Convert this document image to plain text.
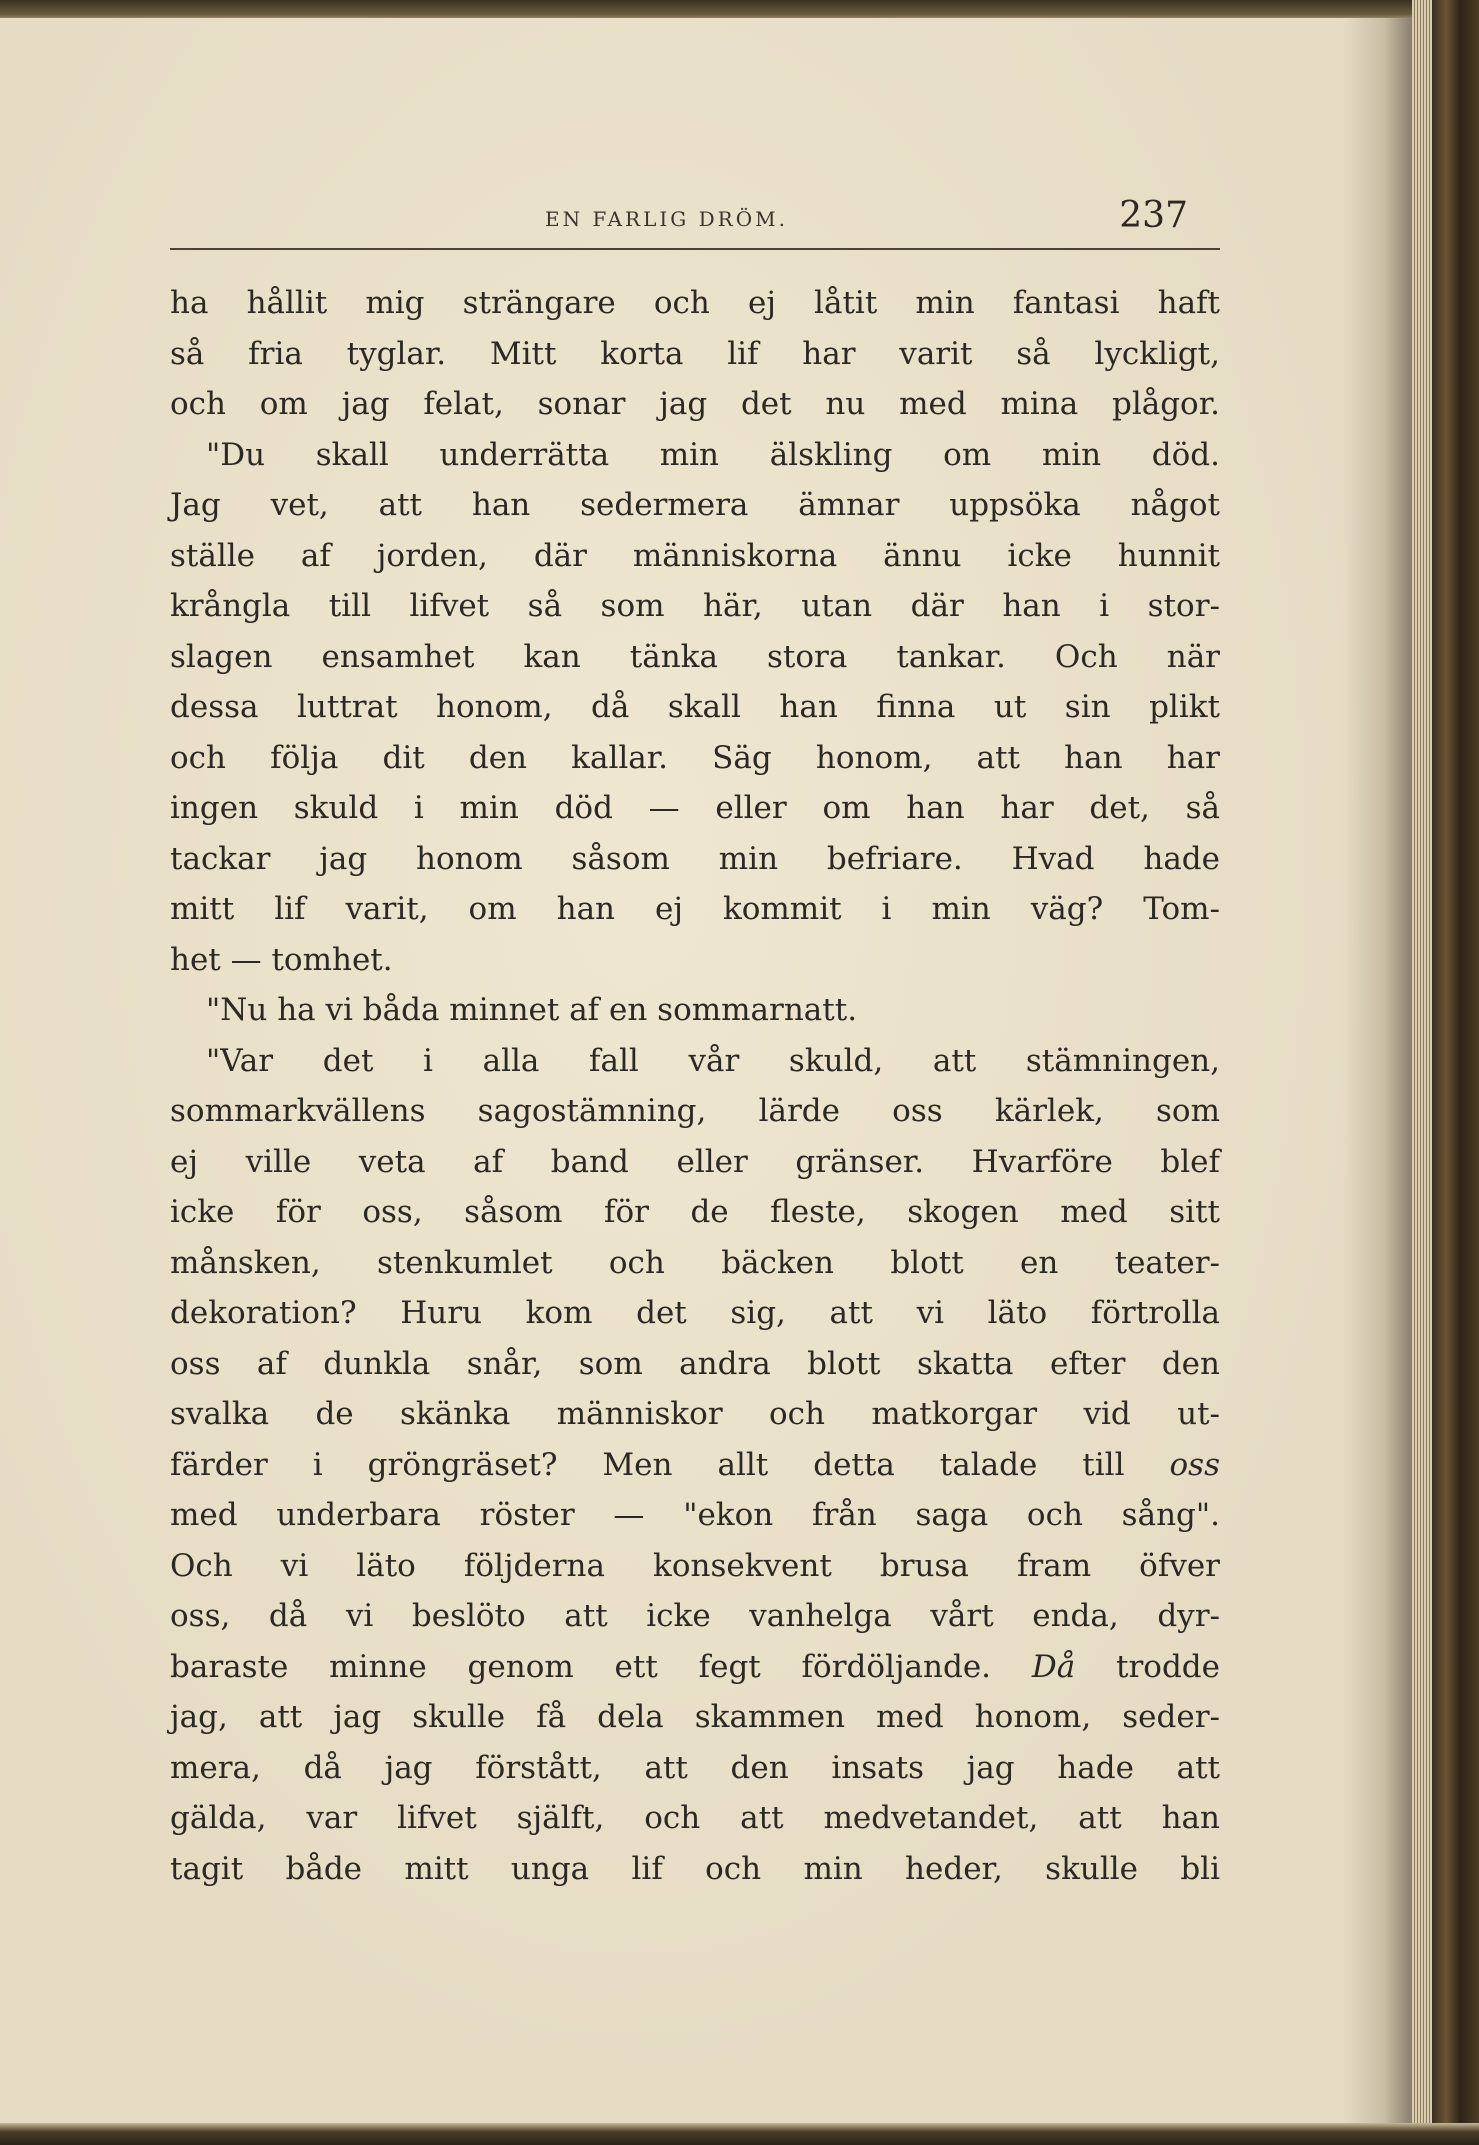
EN FARLIG DRÖM.	237
ha hållit mig strängare och ej låtit min fantasi haft
så fria tyglar. Mitt korta lif har varit så lyckligt,
och om jag felat, sonar jag det nu med mina plågor.
"Du skall underrätta min älskling om min död.
Jag vet, att han sedermera ämnar uppsöka något
ställe af jorden, där människorna ännu icke hunnit
krångla till lifvet så som här, utan där han i stor-
slagen ensamhet kan tänka stora tankar. Och när
dessa luttrat honom, då skall han finna ut sin plikt
och följa dit den kallar. Säg honom, att han har
ingen skuld i min död — eller om han har det, så
tackar jag honom såsom min befriare. Hvad hade
mitt lif varit, om han ej kommit i min väg? Tom-
het — tomhet.
"Nu ha vi båda minnet af en sommarnatt.
"Var det i alla fall vår skuld, att stämningen,
sommarkvällens sagostämning, lärde oss kärlek, som
ej ville veta af band eller gränser. Hvarföre blef
icke för oss, såsom för de fleste, skogen med sitt
månsken, stenkumlet och bäcken blott en teater-
dekoration? Huru kom det sig, att vi läto förtrolla
oss af dunkla snår, som andra blott skatta efter den
svalka de skänka människor och matkorgar vid ut-
färder i gröngräset? Men allt detta talade till oss
med underbara röster — "ekon från saga och sång".
Och vi läto följderna konsekvent brusa fram öfver
oss, då vi beslöto att icke vanhelga vårt enda, dyr-
baraste minne genom ett fegt fördöljande. Då trodde
jag, att jag skulle få dela skammen med honom, seder-
mera, då jag förstått, att den insats jag hade att
gälda, var lifvet själft, och att medvetandet, att han
tagit både mitt unga lif och min heder, skulle bli
